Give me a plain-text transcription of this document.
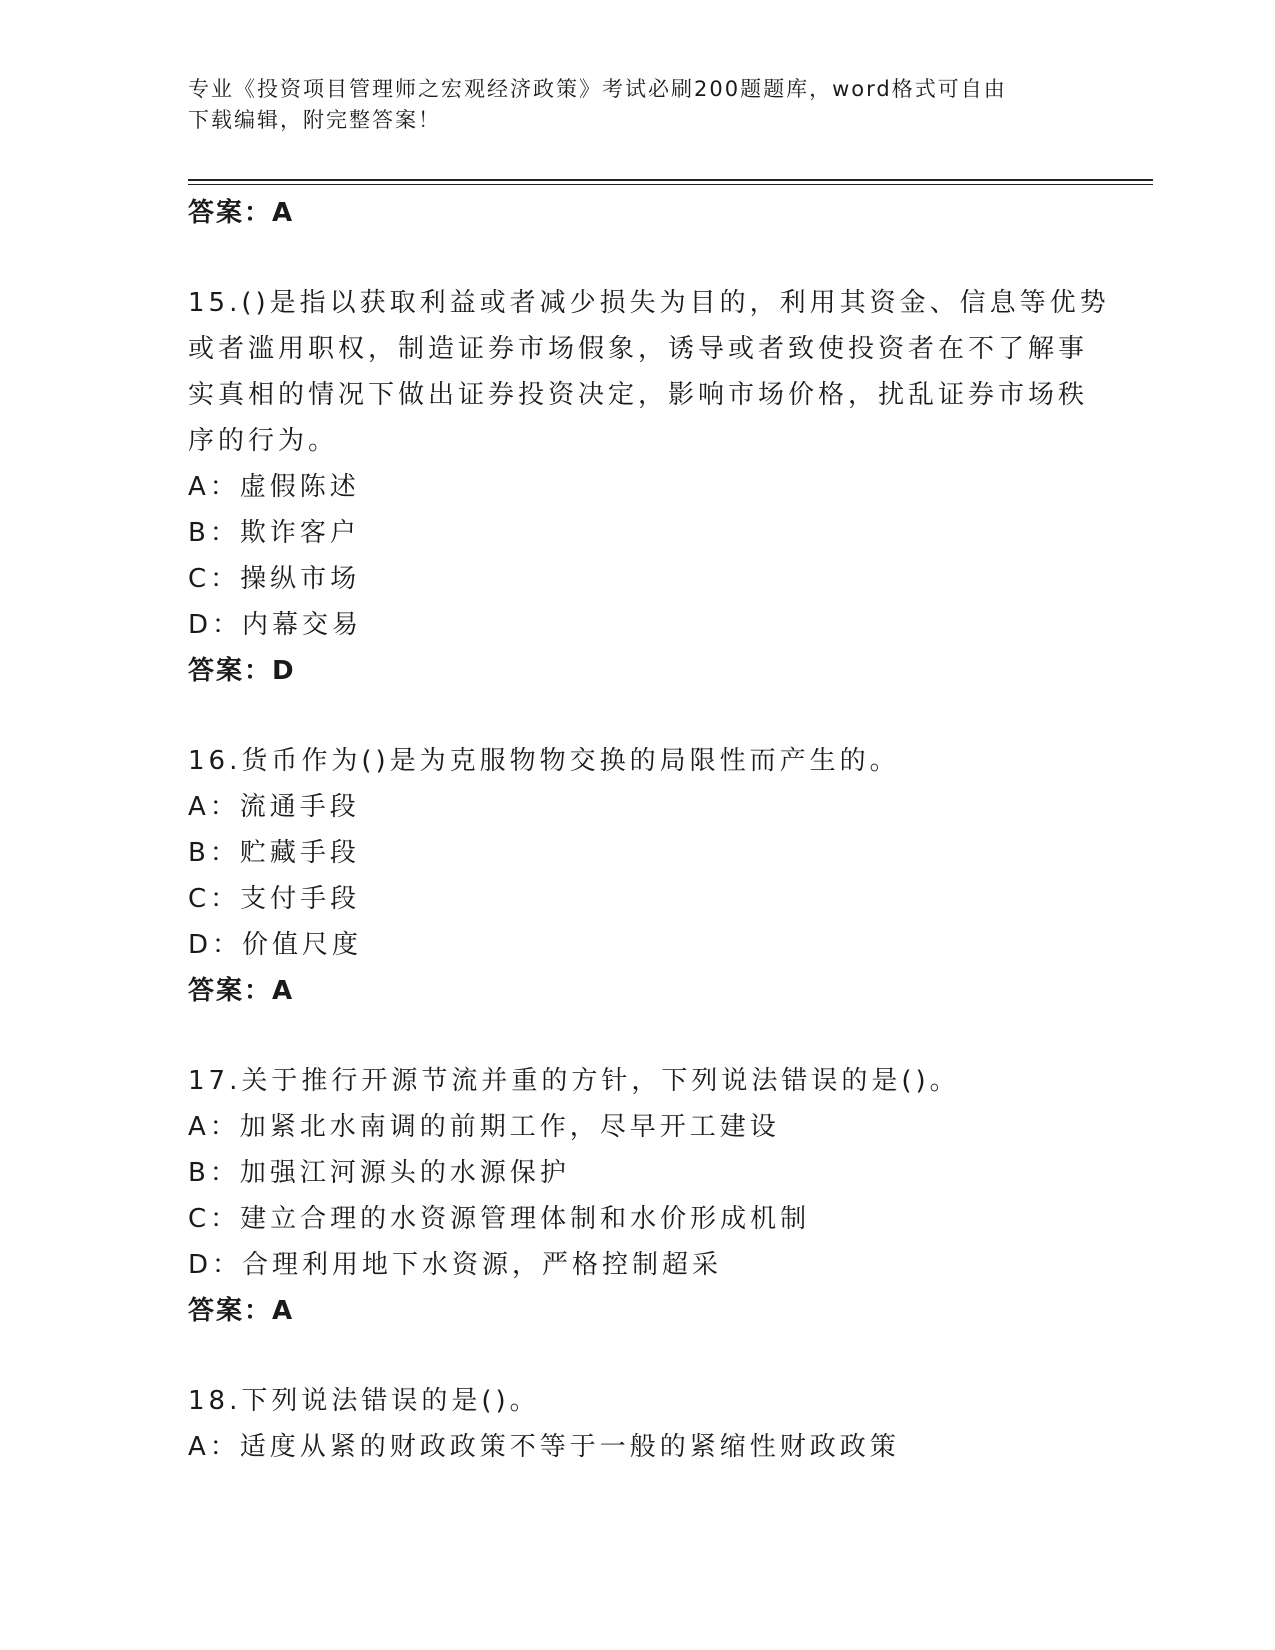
专业《投资项目管理师之宏观经济政策》考试必刷200题题库，word格式可自由
下载编辑，附完整答案！
答案：A
15.()是指以获取利益或者减少损失为目的，利用其资金、信息等优势
或者滥用职权，制造证券市场假象，诱导或者致使投资者在不了解事
实真相的情况下做出证券投资决定，影响市场价格，扰乱证券市场秩
序的行为。
A：虚假陈述
B：欺诈客户
C：操纵市场
D：内幕交易
答案：D
16.货币作为()是为克服物物交换的局限性而产生的。
A：流通手段
B：贮藏手段
C：支付手段
D：价值尺度
答案：A
17.关于推行开源节流并重的方针，下列说法错误的是()。
A：加紧北水南调的前期工作，尽早开工建设
B：加强江河源头的水源保护
C：建立合理的水资源管理体制和水价形成机制
D：合理利用地下水资源，严格控制超采
答案：A
18.下列说法错误的是()。
A：适度从紧的财政政策不等于一般的紧缩性财政政策
